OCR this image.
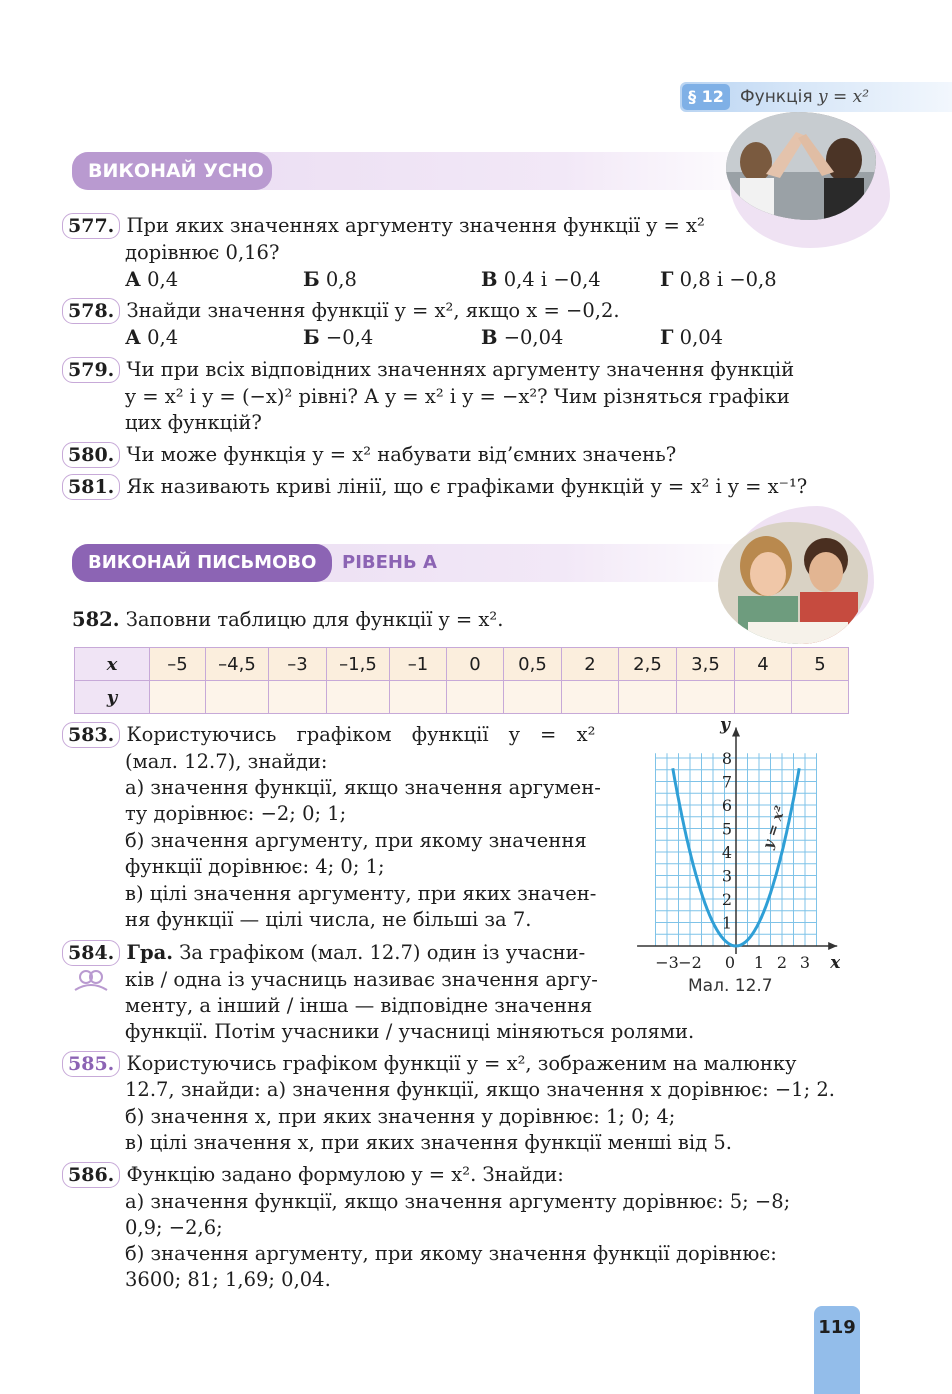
§ 12 Функція y = x²
ВИКОНАЙ УСНО
577. При яких значеннях аргументу значення функції y = x²
дорівнює 0,16?
А 0,4	Б 0,8	В 0,4 і −0,4	Г 0,8 і −0,8
578. Знайди значення функції y = x², якщо x = −0,2.
А 0,4	Б −0,4	В −0,04	Г 0,04
579. Чи при всіх відповідних значеннях аргументу значення функцій
y = x² і y = (−x)² рівні? А y = x² і y = −x²? Чим різняться графіки
цих функцій?
580. Чи може функція y = x² набувати від’ємних значень?
581. Як називають криві лінії, що є графіками функцій y = x² і y = x⁻¹?
ВИКОНАЙ ПИСЬМОВО	РІВЕНЬ А
582. Заповни таблицю для функції y = x².
x	–5	–4,5	–3	–1,5	–1	0	0,5	2	2,5	3,5	4	5
y												
583. Користуючись графіком функції y = x²
(мал. 12.7), знайди:
а) значення функції, якщо значення аргумен-
ту дорівнює: −2; 0; 1;
б) значення аргументу, при якому значення
функції дорівнює: 4; 0; 1;
в) цілі значення аргументу, при яких значен-
ня функції — цілі числа, не більші за 7.
−3 −2 0 1 2 3
1
2
3
4
5
6
7
8
y = x²
x
y
Мал. 12.7
584. Гра. За графіком (мал. 12.7) один із учасни-
ків / одна із учасниць називає значення аргу-
менту, а інший / інша — відповідне значення
функції. Потім учасники / учасниці міняються ролями.
585. Користуючись графіком функції y = x², зображеним на малюнку
12.7, знайди: а) значення функції, якщо значення x дорівнює: −1; 2.
б) значення x, при яких значення y дорівнює: 1; 0; 4;
в) цілі значення x, при яких значення функції менші від 5.
586. Функцію задано формулою y = x². Знайди:
а) значення функції, якщо значення аргументу дорівнює: 5; −8;
0,9; −2,6;
б) значення аргументу, при якому значення функції дорівнює:
3600; 81; 1,69; 0,04.
119
